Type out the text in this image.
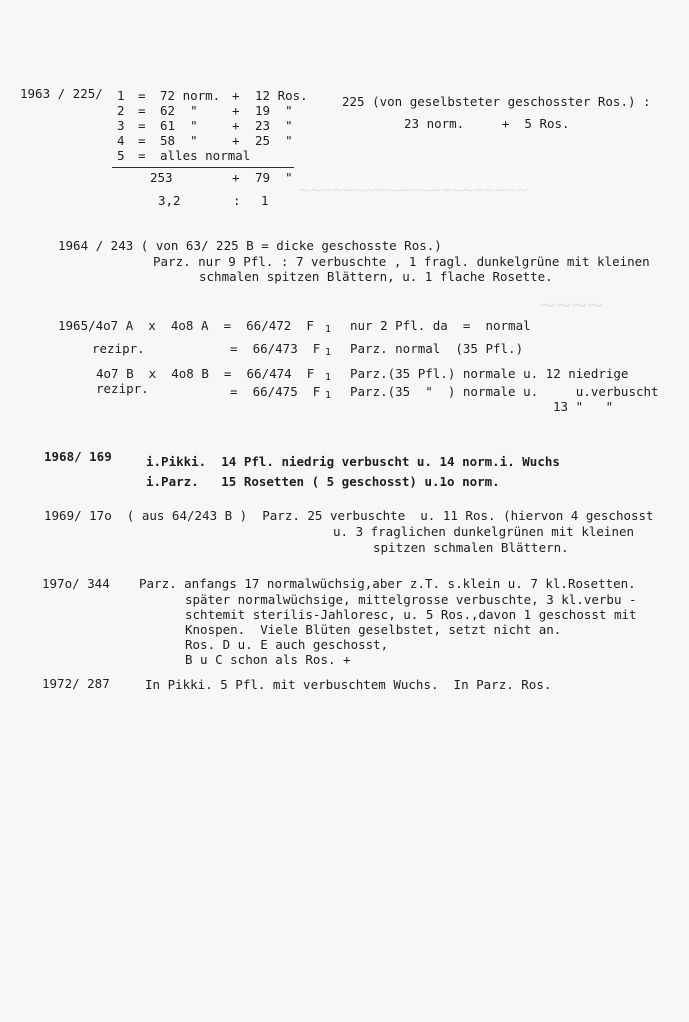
~~~~
~~~~~~~~~~~~~~~~~~~~~
1963 / 225/ 1 = 72 norm. + 12 Ros.
2 = 62  "	+ 19  "
3 = 61  "	+ 23  "
4 = 58  "	+ 25  "
5 = alles normal
253	+ 79  "
3,2	: 1
225 (von geselbsteter geschosster Ros.) :
23 norm.     +  5 Ros.
1964 / 243 ( von 63/ 225 B = dicke geschosste Ros.)
Parz. nur 9 Pfl. : 7 verbuschte , 1 fragl. dunkelgrüne mit kleinen
schmalen spitzen Blättern, u. 1 flache Rosette.
1965/4o7 A  x  4o8 A  =  66/472  F 1 nur 2 Pfl. da  =  normal
rezipr.	=  66/473  F 1 Parz. normal  (35 Pfl.)
4o7 B  x  4o8 B  =  66/474  F 1 Parz.(35 Pfl.) normale u. 12 niedrige
rezipr.	=  66/475  F 1 Parz.(35  "  ) normale u.     u.verbuscht
13 "   "
1968/ 169	i.Pikki.  14 Pfl. niedrig verbuscht u. 14 norm.i. Wuchs
i.Parz.   15 Rosetten ( 5 geschosst) u.1o norm.
1969/ 17o  ( aus 64/243 B )  Parz. 25 verbuschte  u. 11 Ros. (hiervon 4 geschosst
u. 3 fraglichen dunkelgrünen mit kleinen
spitzen schmalen Blättern.
197o/ 344 Parz. anfangs 17 normalwüchsig,aber z.T. s.klein u. 7 kl.Rosetten.
später normalwüchsige, mittelgrosse verbuschte, 3 kl.verbu -
schtemit sterilis-Jahloresc, u. 5 Ros.,davon 1 geschosst mit
Knospen.  Viele Blüten geselbstet, setzt nicht an.
Ros. D u. E auch geschosst,
B u C schon als Ros. +
1972/ 287	In Pikki. 5 Pfl. mit verbuschtem Wuchs.  In Parz. Ros.
